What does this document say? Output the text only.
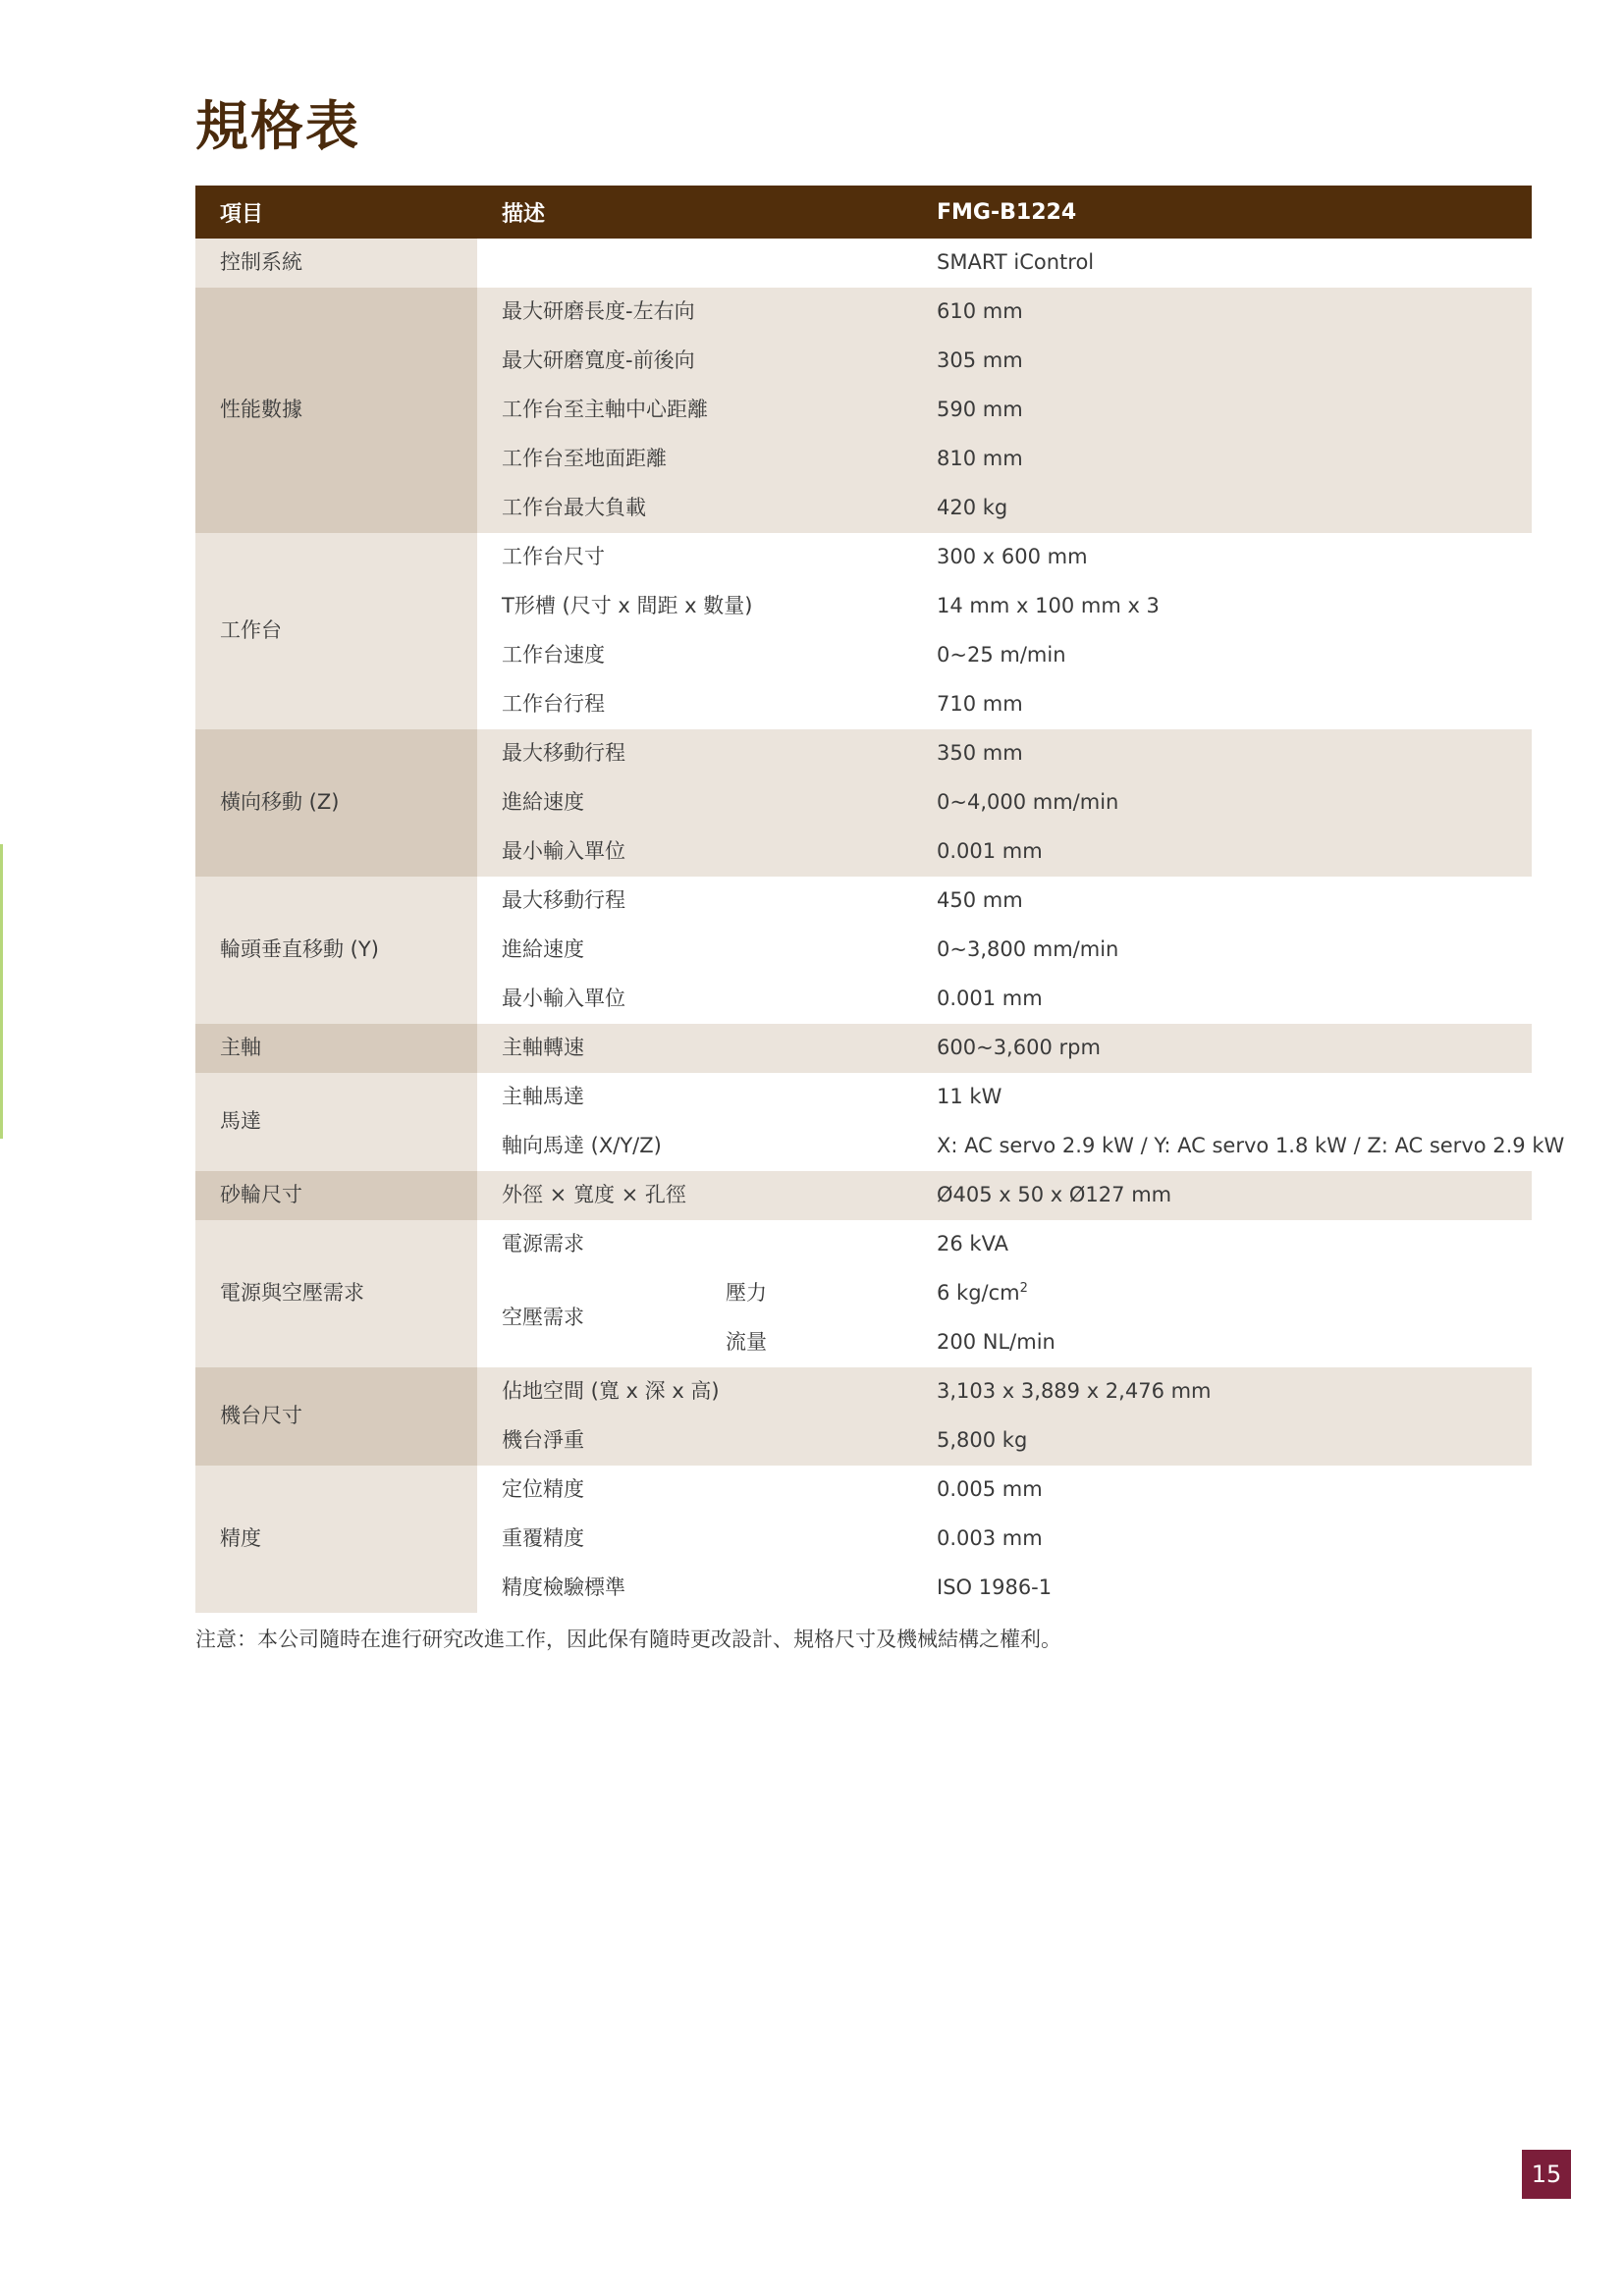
規格表
項目	描述		FMG-B1224
控制系統			SMART iControl
性能數據	最大研磨長度-左右向		610 mm
	最大研磨寬度-前後向		305 mm
	工作台至主軸中心距離		590 mm
	工作台至地面距離		810 mm
	工作台最大負載		420 kg
工作台	工作台尺寸		300 x 600 mm
	T形槽 (尺寸 x 間距 x 數量)		14 mm x 100 mm x 3
	工作台速度		0~25 m/min
	工作台行程		710 mm
橫向移動 (Z)	最大移動行程		350 mm
	進給速度		0~4,000 mm/min
	最小輸入單位		0.001 mm
輪頭垂直移動 (Y)	最大移動行程		450 mm
	進給速度		0~3,800 mm/min
	最小輸入單位		0.001 mm
主軸	主軸轉速		600~3,600 rpm
馬達	主軸馬達		11 kW
	軸向馬達 (X/Y/Z)		X: AC servo 2.9 kW / Y: AC servo 1.8 kW / Z: AC servo 2.9 kW
砂輪尺寸	外徑 × 寬度 × 孔徑		Ø405 x 50 x Ø127 mm
電源與空壓需求	電源需求		26 kVA
	空壓需求	壓力	6 $kg/cm^2$
		流量	200 NL/min
機台尺寸	佔地空間 (寬 x 深 x 高)		3,103 x 3,889 x 2,476 mm
	機台淨重		5,800 kg
精度	定位精度		0.005 mm
	重覆精度		0.003 mm
	精度檢驗標準		ISO 1986-1

注意：本公司隨時在進行研究改進工作，因此保有隨時更改設計、規格尺寸及機械結構之權利。

15
